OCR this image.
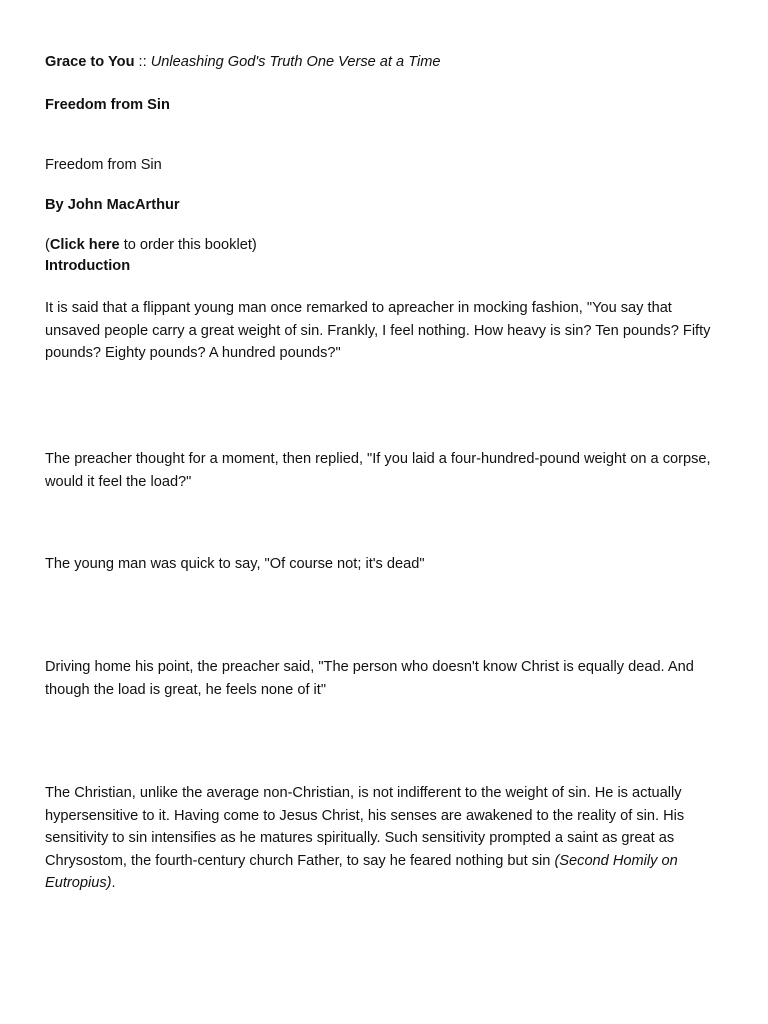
Grace to You :: Unleashing God's Truth One Verse at a Time

Freedom from Sin

Freedom from Sin

By John MacArthur

(Click here to order this booklet)

Introduction

It is said that a flippant young man once remarked to apreacher in mocking fashion, "You say that unsaved people carry a great weight of sin. Frankly, I feel nothing. How heavy is sin? Ten pounds? Fifty pounds? Eighty pounds? A hundred pounds?"

The preacher thought for a moment, then replied, "If you laid a four-hundred-pound weight on a corpse, would it feel the load?"

The young man was quick to say, "Of course not; it's dead"

Driving home his point, the preacher said, "The person who doesn't know Christ is equally dead. And though the load is great, he feels none of it"

The Christian, unlike the average non-Christian, is not indifferent to the weight of sin. He is actually hypersensitive to it. Having come to Jesus Christ, his senses are awakened to the reality of sin. His sensitivity to sin intensifies as he matures spiritually. Such sensitivity prompted a saint as great as Chrysostom, the fourth-century church Father, to say he feared nothing but sin (Second Homily on Eutropius).
